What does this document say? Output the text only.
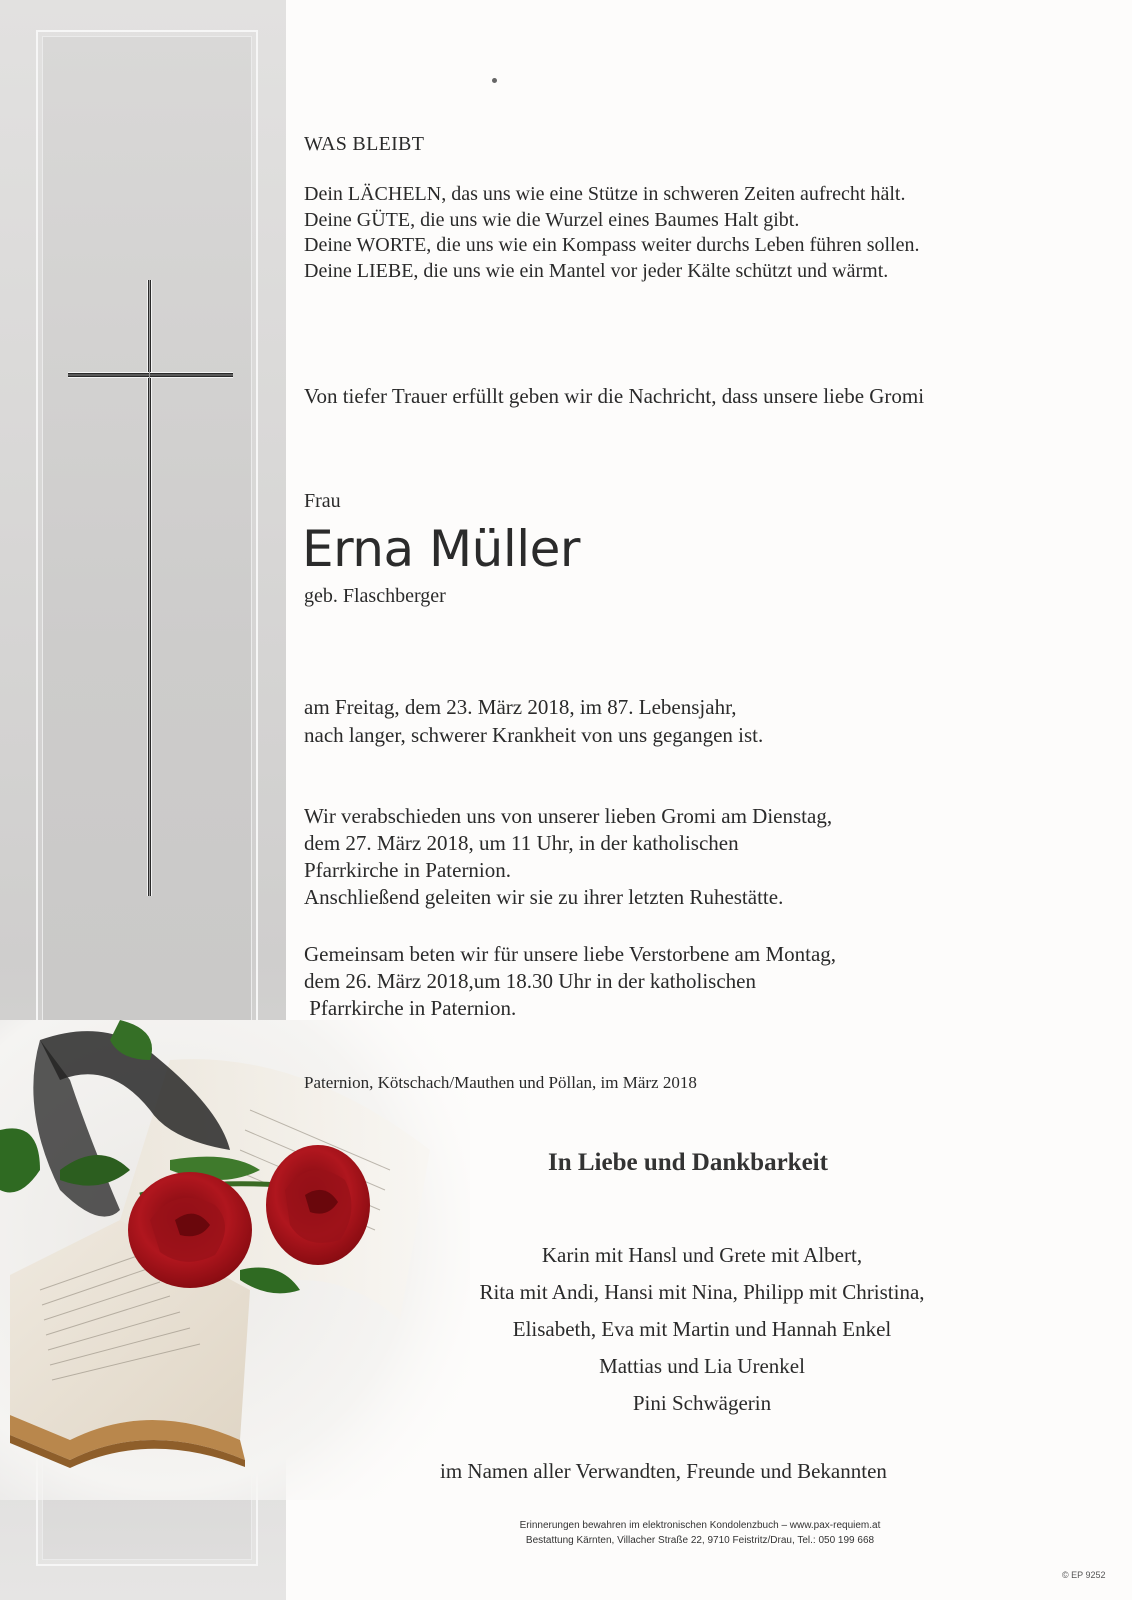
WAS BLEIBT
Dein LÄCHELN, das uns wie eine Stütze in schweren Zeiten aufrecht hält.
Deine GÜTE, die uns wie die Wurzel eines Baumes Halt gibt.
Deine WORTE, die uns wie ein Kompass weiter durchs Leben führen sollen.
Deine LIEBE, die uns wie ein Mantel vor jeder Kälte schützt und wärmt.
Von tiefer Trauer erfüllt geben wir die Nachricht, dass unsere liebe Gromi
Frau
Erna Müller
geb. Flaschberger
am Freitag, dem 23. März 2018, im 87. Lebensjahr,
nach langer, schwerer Krankheit von uns gegangen ist.
Wir verabschieden uns von unserer lieben Gromi am Dienstag,
dem 27. März 2018, um 11 Uhr, in der katholischen
Pfarrkirche in Paternion.
Anschließend geleiten wir sie zu ihrer letzten Ruhestätte.
Gemeinsam beten wir für unsere liebe Verstorbene am Montag,
dem 26. März 2018,um 18.30 Uhr in der katholischen
Pfarrkirche in Paternion.
Paternion, Kötschach/Mauthen und Pöllan, im März 2018
In Liebe und Dankbarkeit
Karin mit Hansl und Grete mit Albert,
Rita mit Andi, Hansi mit Nina, Philipp mit Christina,
Elisabeth, Eva mit Martin und Hannah Enkel
Mattias und Lia Urenkel
Pini Schwägerin
im Namen aller Verwandten, Freunde und Bekannten
Erinnerungen bewahren im elektronischen Kondolenzbuch – www.pax-requiem.at
Bestattung Kärnten, Villacher Straße 22, 9710 Feistritz/Drau, Tel.: 050 199 668
© EP 9252
